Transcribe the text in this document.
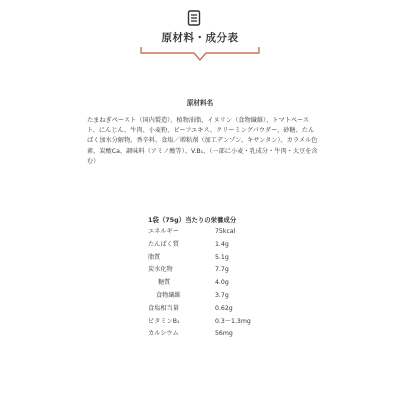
原材料・成分表
原材料名

たまねぎペースト（国内製造）、植物油脂、イヌリン（食物繊維）、トマトペースト、にんじん、牛肉、小麦粉、ビーフエキス、クリーミングパウダー、砂糖、たんぱく加水分解物、香辛料、食塩／増粘剤（加工デンプン、キサンタン）、カラメル色素、炭酸Ca、調味料（アミノ酸等）、V.B₁、（一部に小麦・乳成分・牛肉・大豆を含む）

1袋（75g）当たりの栄養成分
エネルギー	75kcal
たんぱく質	1.4g
脂質	5.1g
炭水化物	7.7g
糖質	4.0g
食物繊維	3.7g
食塩相当量	0.62g
ビタミンB₁	0.3～1.3mg
カルシウム	56mg
